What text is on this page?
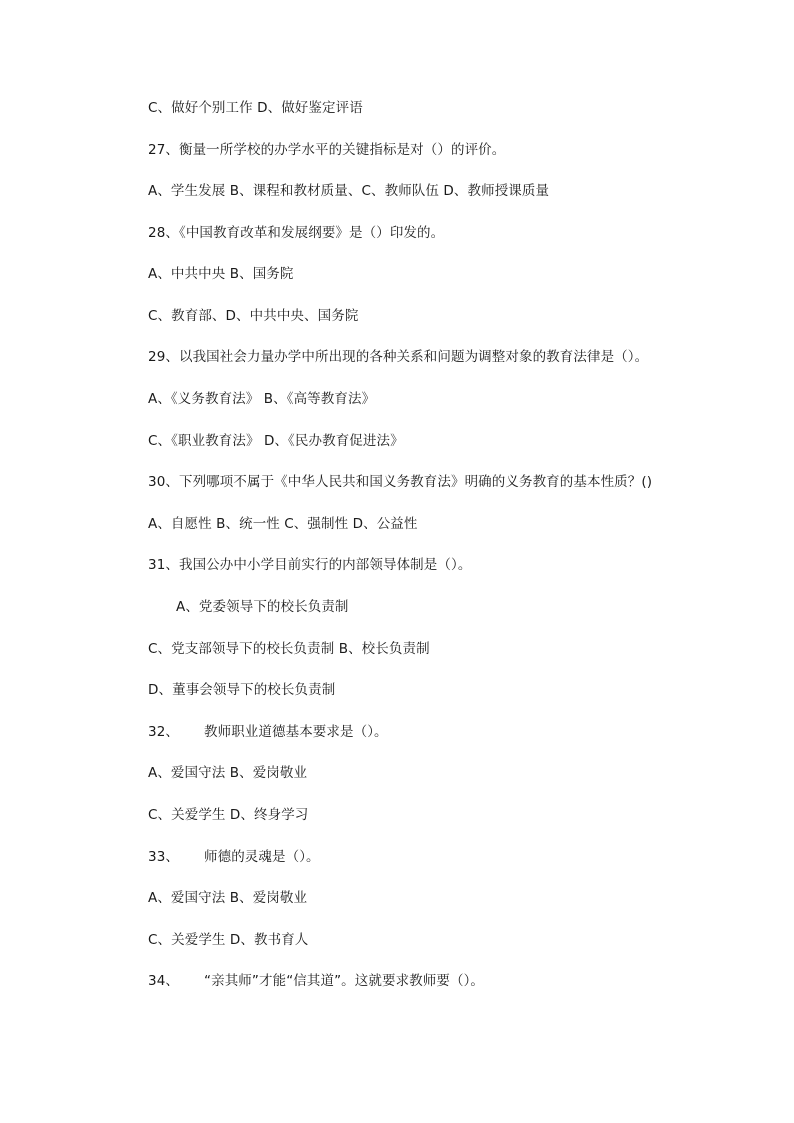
C、做好个别工作 D、做好鉴定评语
27、衡量一所学校的办学水平的关键指标是对（）的评价。
A、学生发展 B、课程和教材质量、C、教师队伍 D、教师授课质量
28、《中国教育改革和发展纲要》是（）印发的。
A、中共中央 B、国务院
C、教育部、D、中共中央、国务院
29、以我国社会力量办学中所出现的各种关系和问题为调整对象的教育法律是（）。
A、《义务教育法》 B、《高等教育法》
C、《职业教育法》 D、《民办教育促进法》
30、下列哪项不属于《中华人民共和国义务教育法》明确的义务教育的基本性质？()
A、自愿性 B、统一性 C、强制性 D、公益性
31、我国公办中小学目前实行的内部领导体制是（）。
A、党委领导下的校长负责制
C、党支部领导下的校长负责制 B、校长负责制
D、董事会领导下的校长负责制
32、 教师职业道德基本要求是（）。
A、爱国守法 B、爱岗敬业
C、关爱学生 D、终身学习
33、 师德的灵魂是（）。
A、爱国守法 B、爱岗敬业
C、关爱学生 D、教书育人
34、 “亲其师”才能“信其道”。这就要求教师要（）。
